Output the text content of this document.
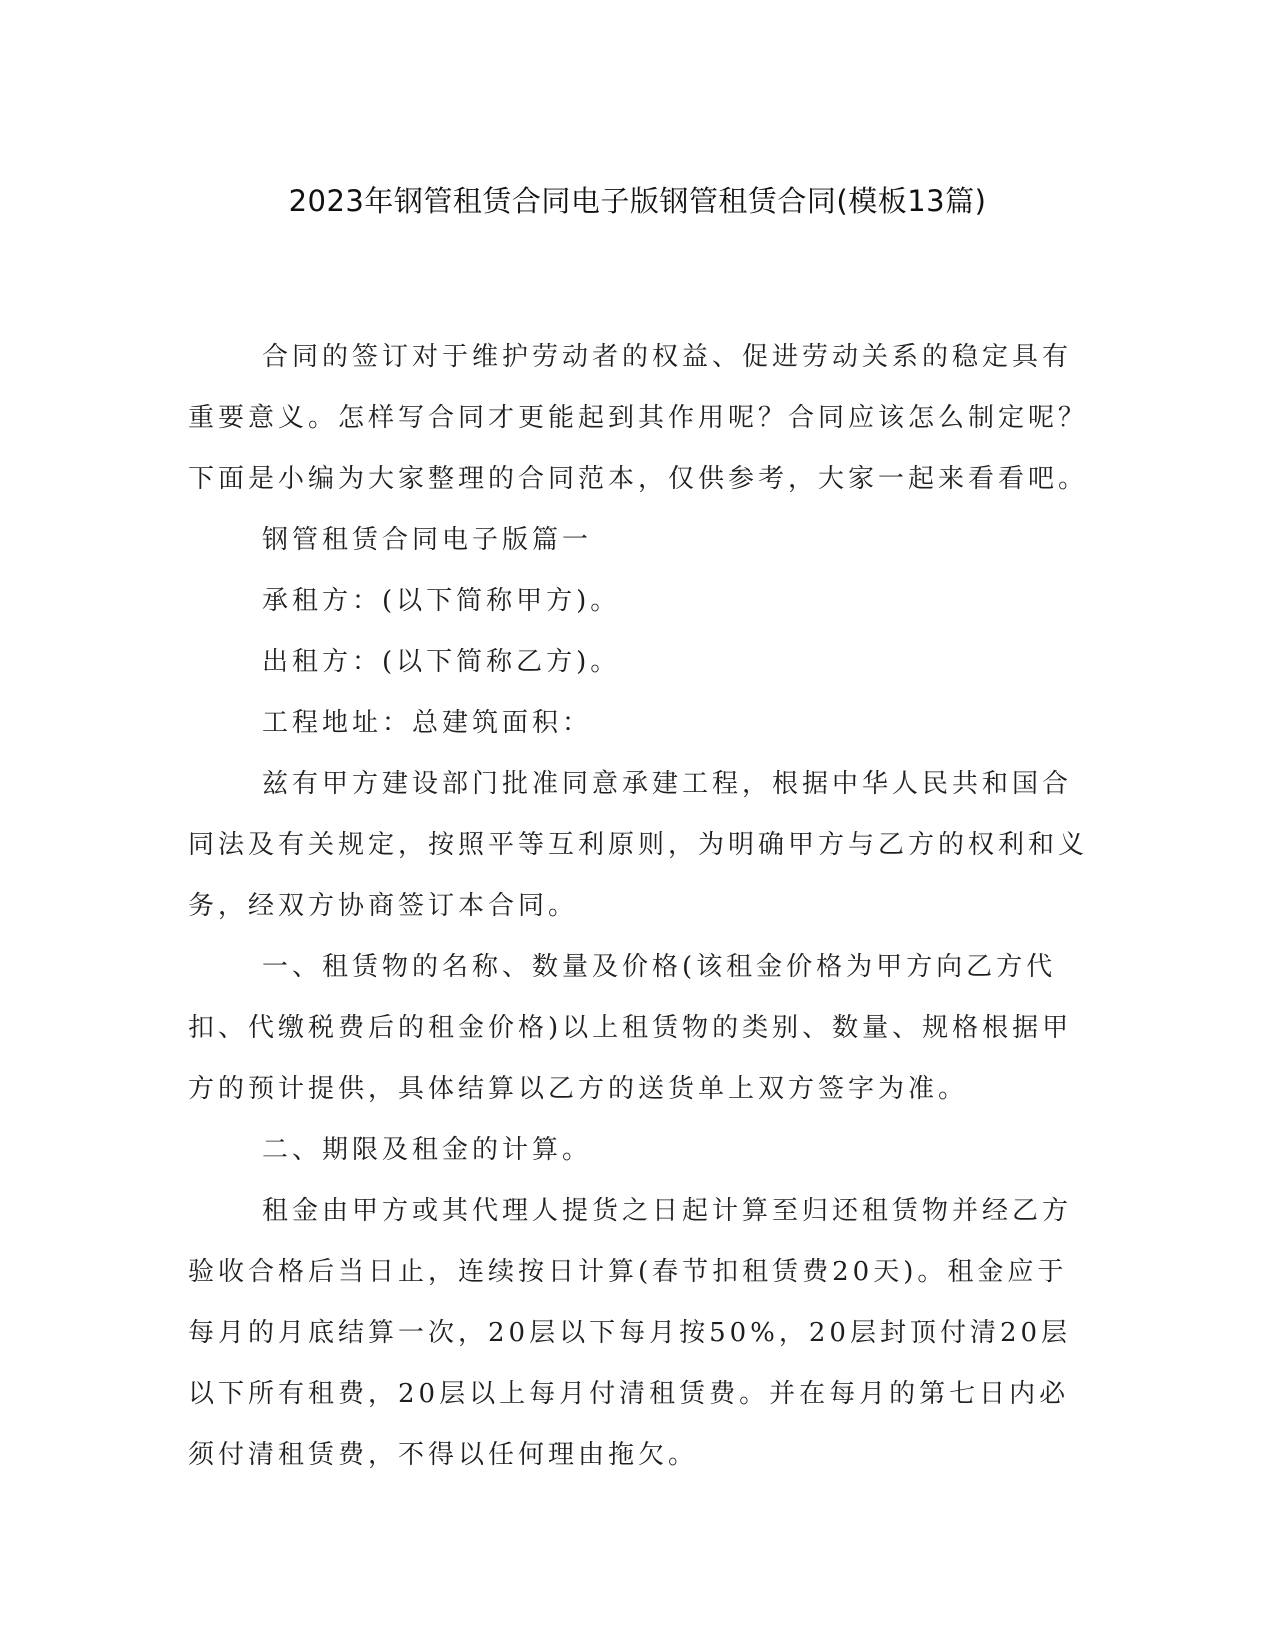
2023年钢管租赁合同电子版钢管租赁合同(模板13篇)

合同的签订对于维护劳动者的权益、促进劳动关系的稳定具有重要意义。怎样写合同才更能起到其作用呢？合同应该怎么制定呢？下面是小编为大家整理的合同范本，仅供参考，大家一起来看看吧。

钢管租赁合同电子版篇一

承租方：(以下简称甲方)。

出租方：(以下简称乙方)。

工程地址：总建筑面积：

兹有甲方建设部门批准同意承建工程，根据中华人民共和国合同法及有关规定，按照平等互利原则，为明确甲方与乙方的权利和义务，经双方协商签订本合同。

一、租赁物的名称、数量及价格(该租金价格为甲方向乙方代扣、代缴税费后的租金价格)以上租赁物的类别、数量、规格根据甲方的预计提供，具体结算以乙方的送货单上双方签字为准。

二、期限及租金的计算。

租金由甲方或其代理人提货之日起计算至归还租赁物并经乙方验收合格后当日止，连续按日计算(春节扣租赁费20天)。租金应于每月的月底结算一次，20层以下每月按50%，20层封顶付清20层以下所有租费，20层以上每月付清租赁费。并在每月的第七日内必须付清租赁费，不得以任何理由拖欠。
